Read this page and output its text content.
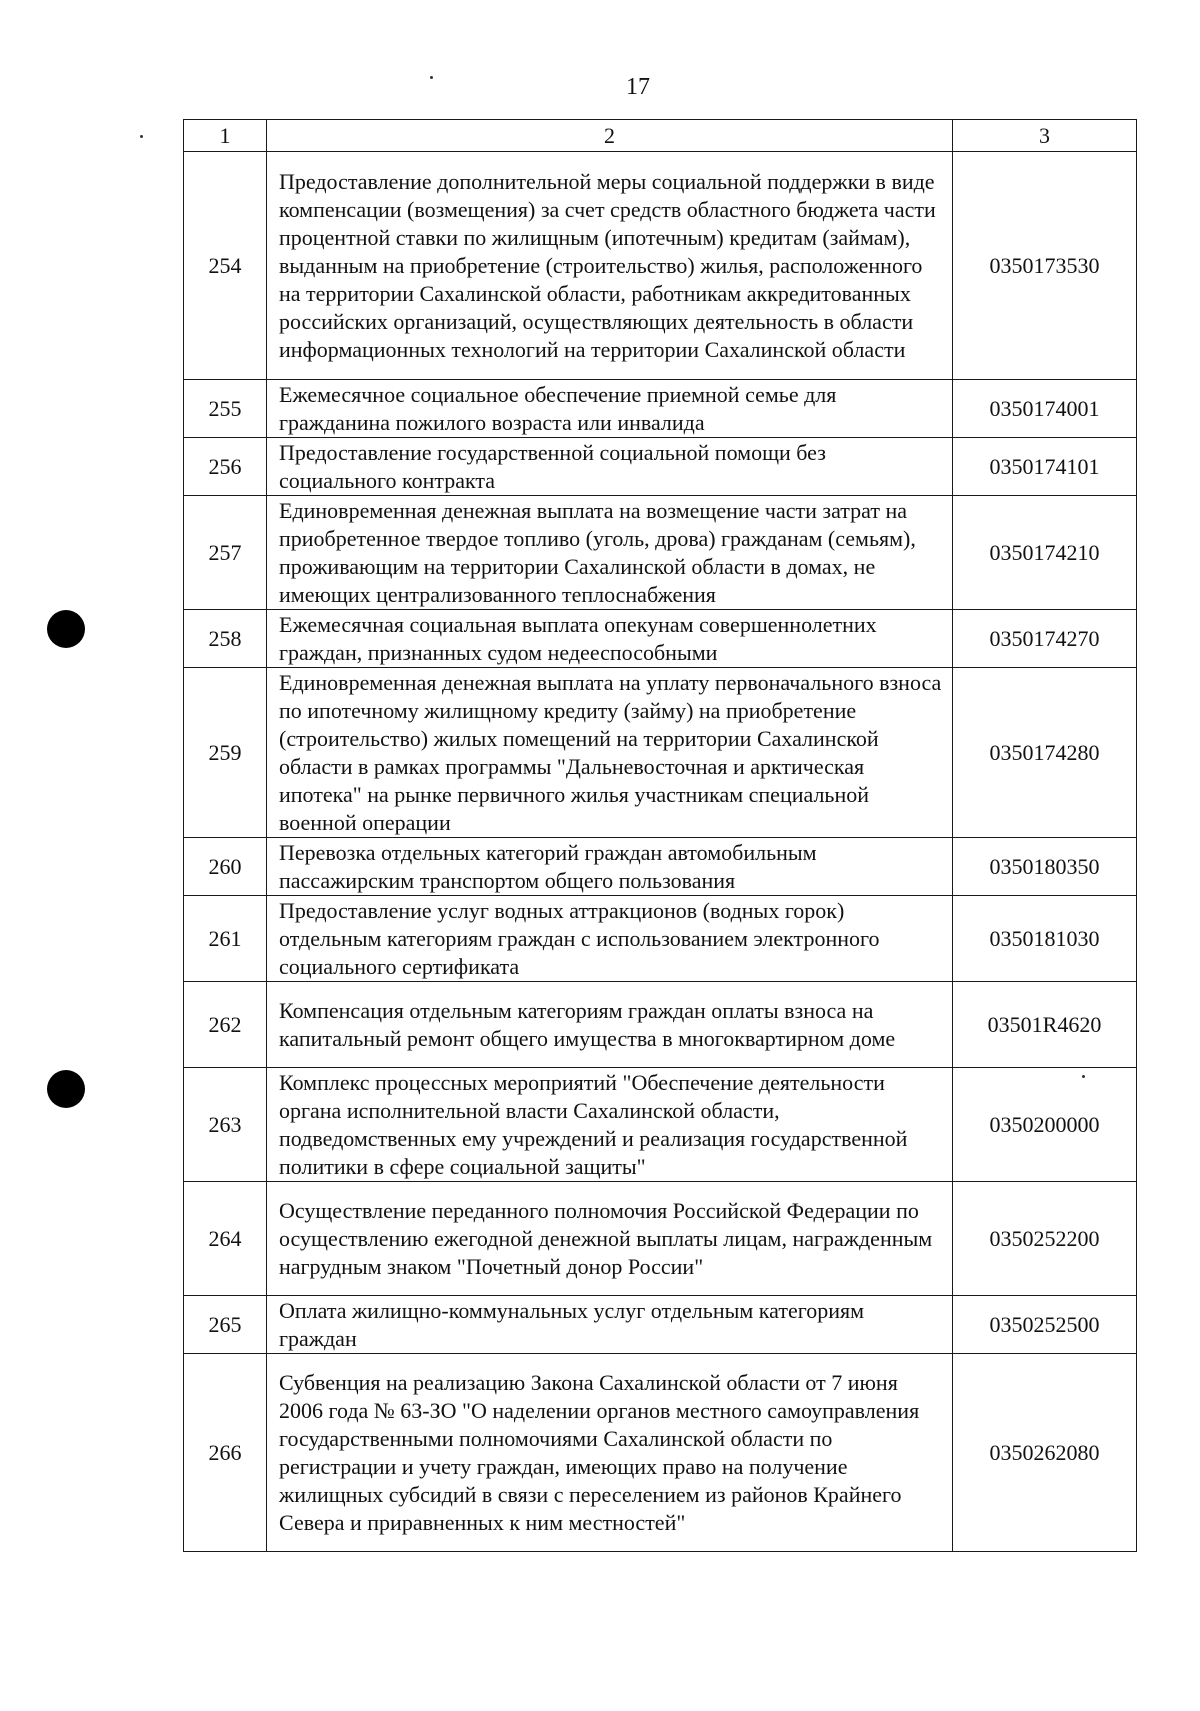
17
1	2	3
254	Предоставление дополнительной меры социальной поддержки в виде компенсации (возмещения) за счет средств областного бюджета части процентной ставки по жилищным (ипотечным) кредитам (займам), выданным на приобретение (строительство) жилья, расположенного на территории Сахалинской области, работникам аккредитованных российских организаций, осуществляющих деятельность в области информационных технологий на территории Сахалинской области	0350173530
255	Ежемесячное социальное обеспечение приемной семье для гражданина пожилого возраста или инвалида	0350174001
256	Предоставление государственной социальной помощи без социального контракта	0350174101
257	Единовременная денежная выплата на возмещение части затрат на приобретенное твердое топливо (уголь, дрова) гражданам (семьям), проживающим на территории Сахалинской области в домах, не имеющих централизованного теплоснабжения	0350174210
258	Ежемесячная социальная выплата опекунам совершеннолетних граждан, признанных судом недееспособными	0350174270
259	Единовременная денежная выплата на уплату первоначального взноса по ипотечному жилищному кредиту (займу) на приобретение (строительство) жилых помещений на территории Сахалинской области в рамках программы "Дальневосточная и арктическая ипотека" на рынке первичного жилья участникам специальной военной операции	0350174280
260	Перевозка отдельных категорий граждан автомобильным пассажирским транспортом общего пользования	0350180350
261	Предоставление услуг водных аттракционов (водных горок) отдельным категориям граждан с использованием электронного социального сертификата	0350181030
262	Компенсация отдельным категориям граждан оплаты взноса на капитальный ремонт общего имущества в многоквартирном доме	03501R4620
263	Комплекс процессных мероприятий "Обеспечение деятельности органа исполнительной власти Сахалинской области, подведомственных ему учреждений и реализация государственной политики в сфере социальной защиты"	0350200000
264	Осуществление переданного полномочия Российской Федерации по осуществлению ежегодной денежной выплаты лицам, награжденным нагрудным знаком "Почетный донор России"	0350252200
265	Оплата жилищно-коммунальных услуг отдельным категориям граждан	0350252500
266	Субвенция на реализацию Закона Сахалинской области от 7 июня 2006 года № 63-ЗО "О наделении органов местного самоуправления государственными полномочиями Сахалинской области по регистрации и учету граждан, имеющих право на получение жилищных субсидий в связи с переселением из районов Крайнего Севера и приравненных к ним местностей"	0350262080
